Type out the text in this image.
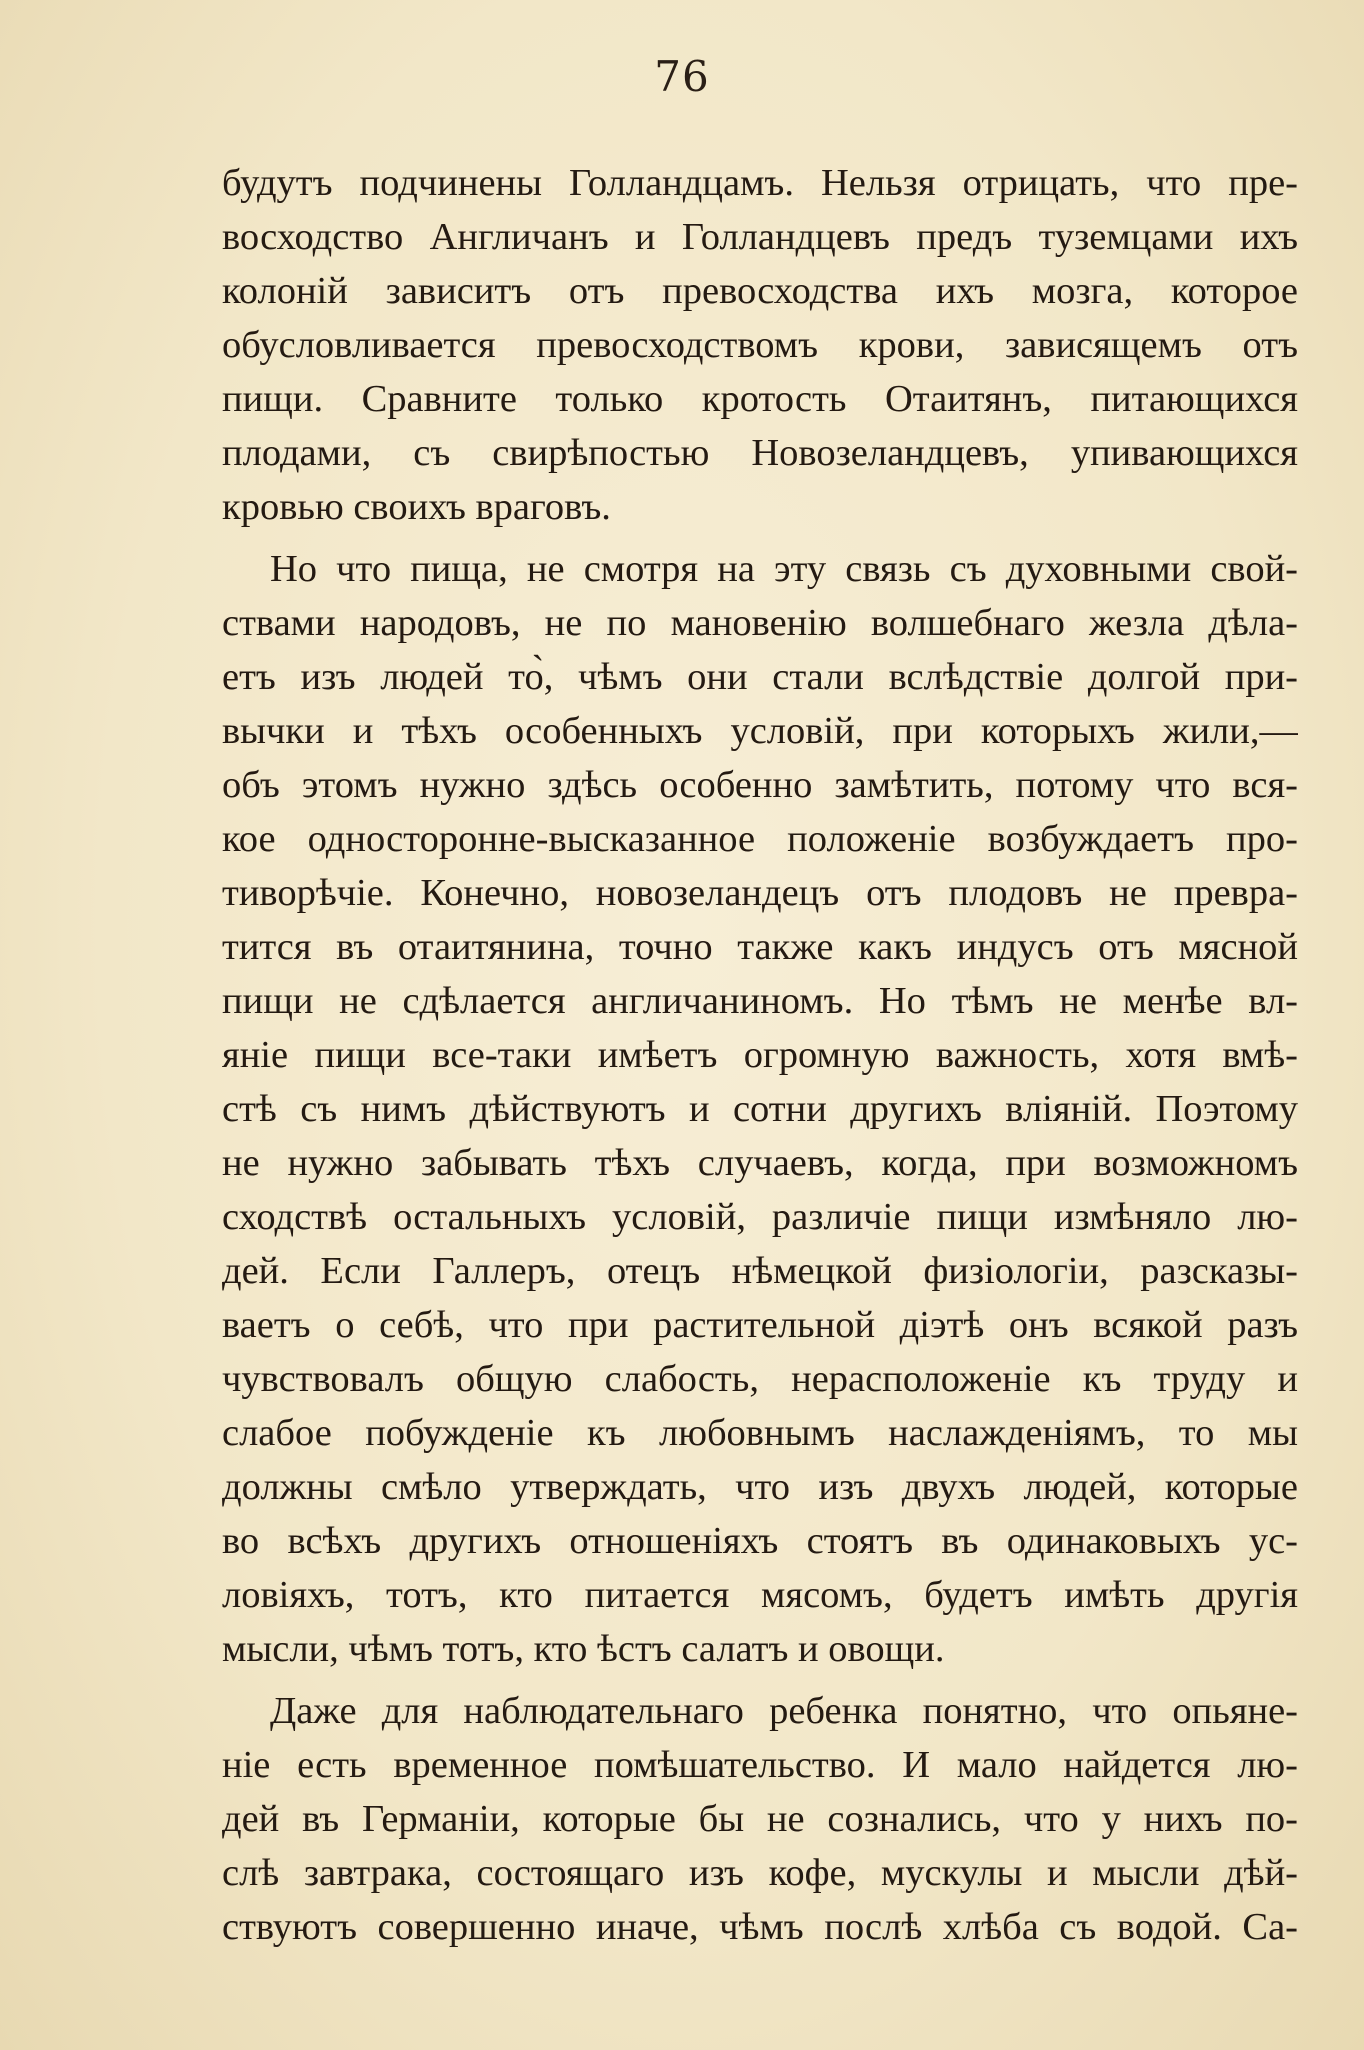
76
будутъ подчинены Голландцамъ. Нельзя отрицать, что пре-
восходство Англичанъ и Голландцевъ предъ туземцами ихъ
колоній зависитъ отъ превосходства ихъ мозга, которое
обусловливается превосходствомъ крови, зависящемъ отъ
пищи. Сравните только кротость Отаитянъ, питающихся
плодами, съ свирѣпостью Новозеландцевъ, упивающихся
кровью своихъ враговъ.
Но что пища, не смотря на эту связь съ духовными свой-
ствами народовъ, не по мановенію волшебнаго жезла дѣла-
етъ изъ людей то̀, чѣмъ они стали вслѣдствіе долгой при-
вычки и тѣхъ особенныхъ условій, при которыхъ жили,—
объ этомъ нужно здѣсь особенно замѣтить, потому что вся-
кое односторонне-высказанное положеніе возбуждаетъ про-
тиворѣчіе. Конечно, новозеландецъ отъ плодовъ не превра-
тится въ отаитянина, точно также какъ индусъ отъ мясной
пищи не сдѣлается англичаниномъ. Но тѣмъ не менѣе вл-
яніе пищи все-таки имѣетъ огромную важность, хотя вмѣ-
стѣ съ нимъ дѣйствуютъ и сотни другихъ вліяній. Поэтому
не нужно забывать тѣхъ случаевъ, когда, при возможномъ
сходствѣ остальныхъ условій, различіе пищи измѣняло лю-
дей. Если Галлеръ, отецъ нѣмецкой физіологіи, разсказы-
ваетъ о себѣ, что при растительной діэтѣ онъ всякой разъ
чувствовалъ общую слабость, нерасположеніе къ труду и
слабое побужденіе къ любовнымъ наслажденіямъ, то мы
должны смѣло утверждать, что изъ двухъ людей, которые
во всѣхъ другихъ отношеніяхъ стоятъ въ одинаковыхъ ус-
ловіяхъ, тотъ, кто питается мясомъ, будетъ имѣть другія
мысли, чѣмъ тотъ, кто ѣстъ салатъ и овощи.
Даже для наблюдательнаго ребенка понятно, что опьяне-
ніе есть временное помѣшательство. И мало найдется лю-
дей въ Германіи, которые бы не сознались, что у нихъ по-
слѣ завтрака, состоящаго изъ кофе, мускулы и мысли дѣй-
ствуютъ совершенно иначе, чѣмъ послѣ хлѣба съ водой. Са-
